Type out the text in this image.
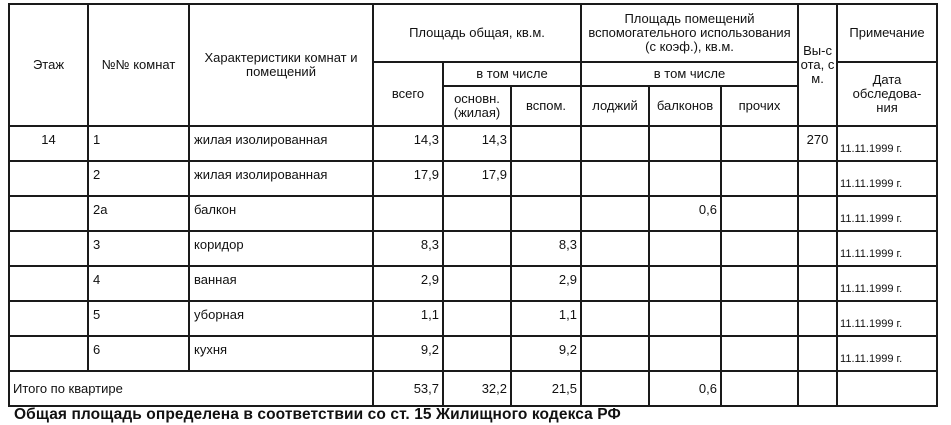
Этаж	№№ комнат	Характеристики комнат и помещений	Площадь общая, кв.м.			Площадь помещений вспомогательного использования (с коэф.), кв.м.			Вы-сота, см.	Примечание
			всего	в том числе		в том числе				Дата обследова-ния
				основн. (жилая)	вспом.	лоджий	балконов	прочих		
14	1	жилая изолированная	14,3	14,3					270	11.11.1999 г.
	2	жилая изолированная	17,9	17,9						11.11.1999 г.
	2а	балкон					0,6			11.11.1999 г.
	3	коридор	8,3		8,3					11.11.1999 г.
	4	ванная	2,9		2,9					11.11.1999 г.
	5	уборная	1,1		1,1					11.11.1999 г.
	6	кухня	9,2		9,2					11.11.1999 г.
Итого по квартире			53,7	32,2	21,5		0,6			
Общая площадь определена в соответствии со ст. 15 Жилищного кодекса РФ
